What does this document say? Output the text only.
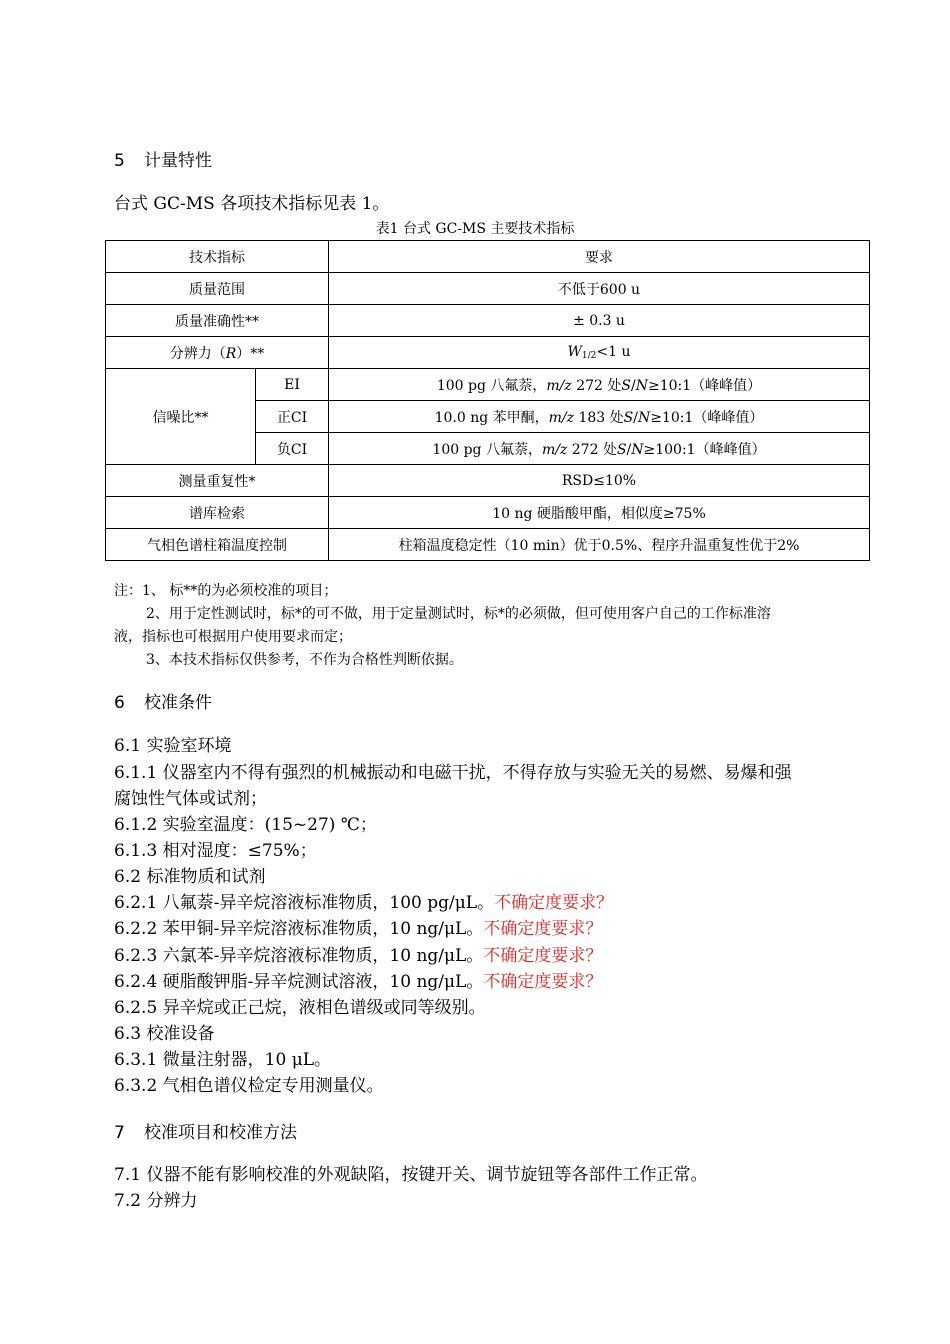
5 计量特性
台式 GC-MS 各项技术指标见表 1。
表1 台式 GC-MS 主要技术指标
技术指标		要求
质量范围		不低于600 u
质量准确性**		± 0.3 u
分辨力（R）**		$W_{1/2}<1$ u
信噪比**	EI	100 pg 八氟萘，m/z 272 处S/N≥10:1（峰峰值）
	正CI	10.0 ng 苯甲酮，m/z 183 处S/N≥10:1（峰峰值）
	负CI	100 pg 八氟萘，m/z 272 处S/N≥100:1（峰峰值）
测量重复性*		RSD≤10%
谱库检索		10 ng 硬脂酸甲酯，相似度≥75%
气相色谱柱箱温度控制		柱箱温度稳定性（10 min）优于0.5%、程序升温重复性优于2%
注：1、 标**的为必须校准的项目；
2、用于定性测试时，标*的可不做，用于定量测试时，标*的必须做，但可使用客户自己的工作标准溶
液，指标也可根据用户使用要求而定；
3、本技术指标仅供参考，不作为合格性判断依据。
6 校准条件
6.1 实验室环境
6.1.1 仪器室内不得有强烈的机械振动和电磁干扰，不得存放与实验无关的易燃、易爆和强
腐蚀性气体或试剂；
6.1.2 实验室温度：(15~27) ℃；
6.1.3 相对湿度：≤75%；
6.2 标准物质和试剂
6.2.1 八氟萘-异辛烷溶液标准物质，100 pg/μL。不确定度要求？
6.2.2 苯甲铜-异辛烷溶液标准物质，10 ng/μL。不确定度要求？
6.2.3 六氯苯-异辛烷溶液标准物质，10 ng/μL。不确定度要求？
6.2.4 硬脂酸钾脂-异辛烷测试溶液，10 ng/μL。不确定度要求？
6.2.5 异辛烷或正己烷，液相色谱级或同等级别。
6.3 校准设备
6.3.1 微量注射器，10 μL。
6.3.2 气相色谱仪检定专用测量仪。
7 校准项目和校准方法
7.1 仪器不能有影响校准的外观缺陷，按键开关、调节旋钮等各部件工作正常。
7.2 分辨力
